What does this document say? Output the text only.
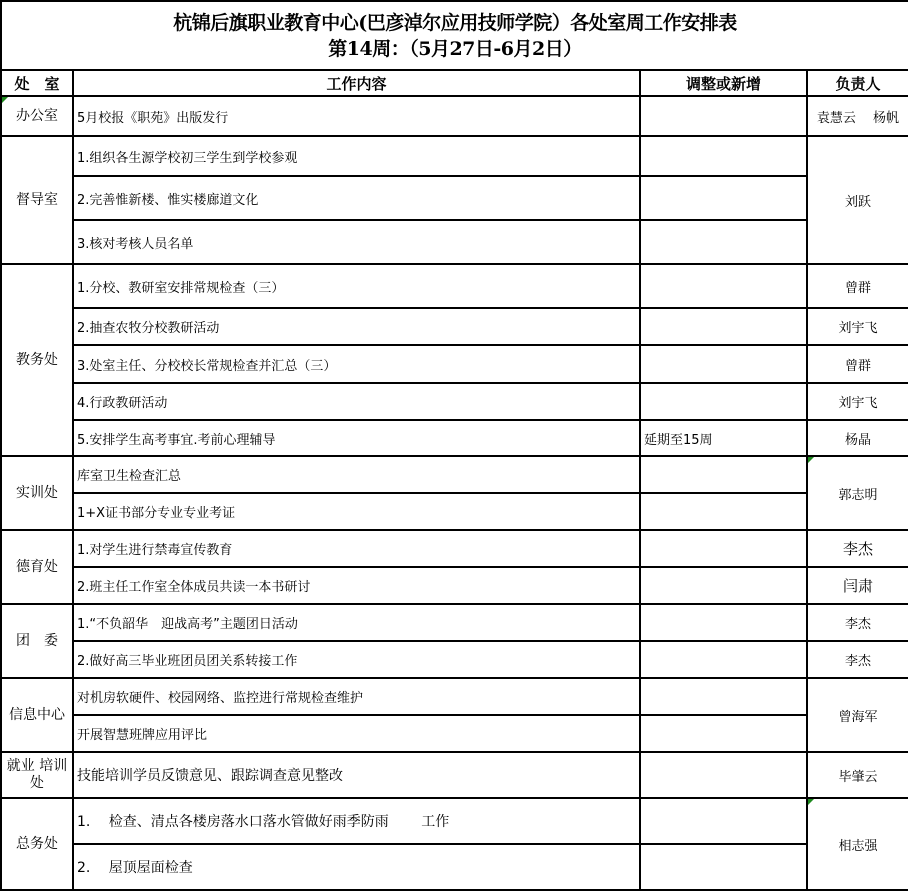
杭锦后旗职业教育中心(巴彦淖尔应用技师学院）各处室周工作安排表
第14周：（5月27日-6月2日）			

处　室	工作内容	调整或新增	负责人

办公室	5月校报《职苑》出版发行		袁慧云　 杨帆
督导室	1.组织各生源学校初三学生到学校参观		刘跃
	2.完善惟新楼、惟实楼廊道文化		
	3.核对考核人员名单		
教务处	1.分校、教研室安排常规检查（三）		曾群
	2.抽查农牧分校教研活动		刘宇飞
	3.处室主任、分校校长常规检查并汇总（三）		曾群
	4.行政教研活动		刘宇飞
	5.安排学生高考事宜.考前心理辅导	延期至15周	杨晶
实训处	库室卫生检查汇总		郭志明
	1+X证书部分专业专业考证		
德育处	1.对学生进行禁毒宣传教育		李杰
	2.班主任工作室全体成员共读一本书研讨		闫肃
团　委	1.“不负韶华　迎战高考”主题团日活动		李杰
	2.做好高三毕业班团员团关系转接工作		李杰
信息中心	对机房软硬件、校园网络、监控进行常规检查维护		曾海军
	开展智慧班牌应用评比		
就业 培训处	技能培训学员反馈意见、跟踪调查意见整改		毕肇云
总务处	1.　 检查、清点各楼房落水口落水管做好雨季防雨　　 工作		相志强
	2.　 屋顶屋面检查		
